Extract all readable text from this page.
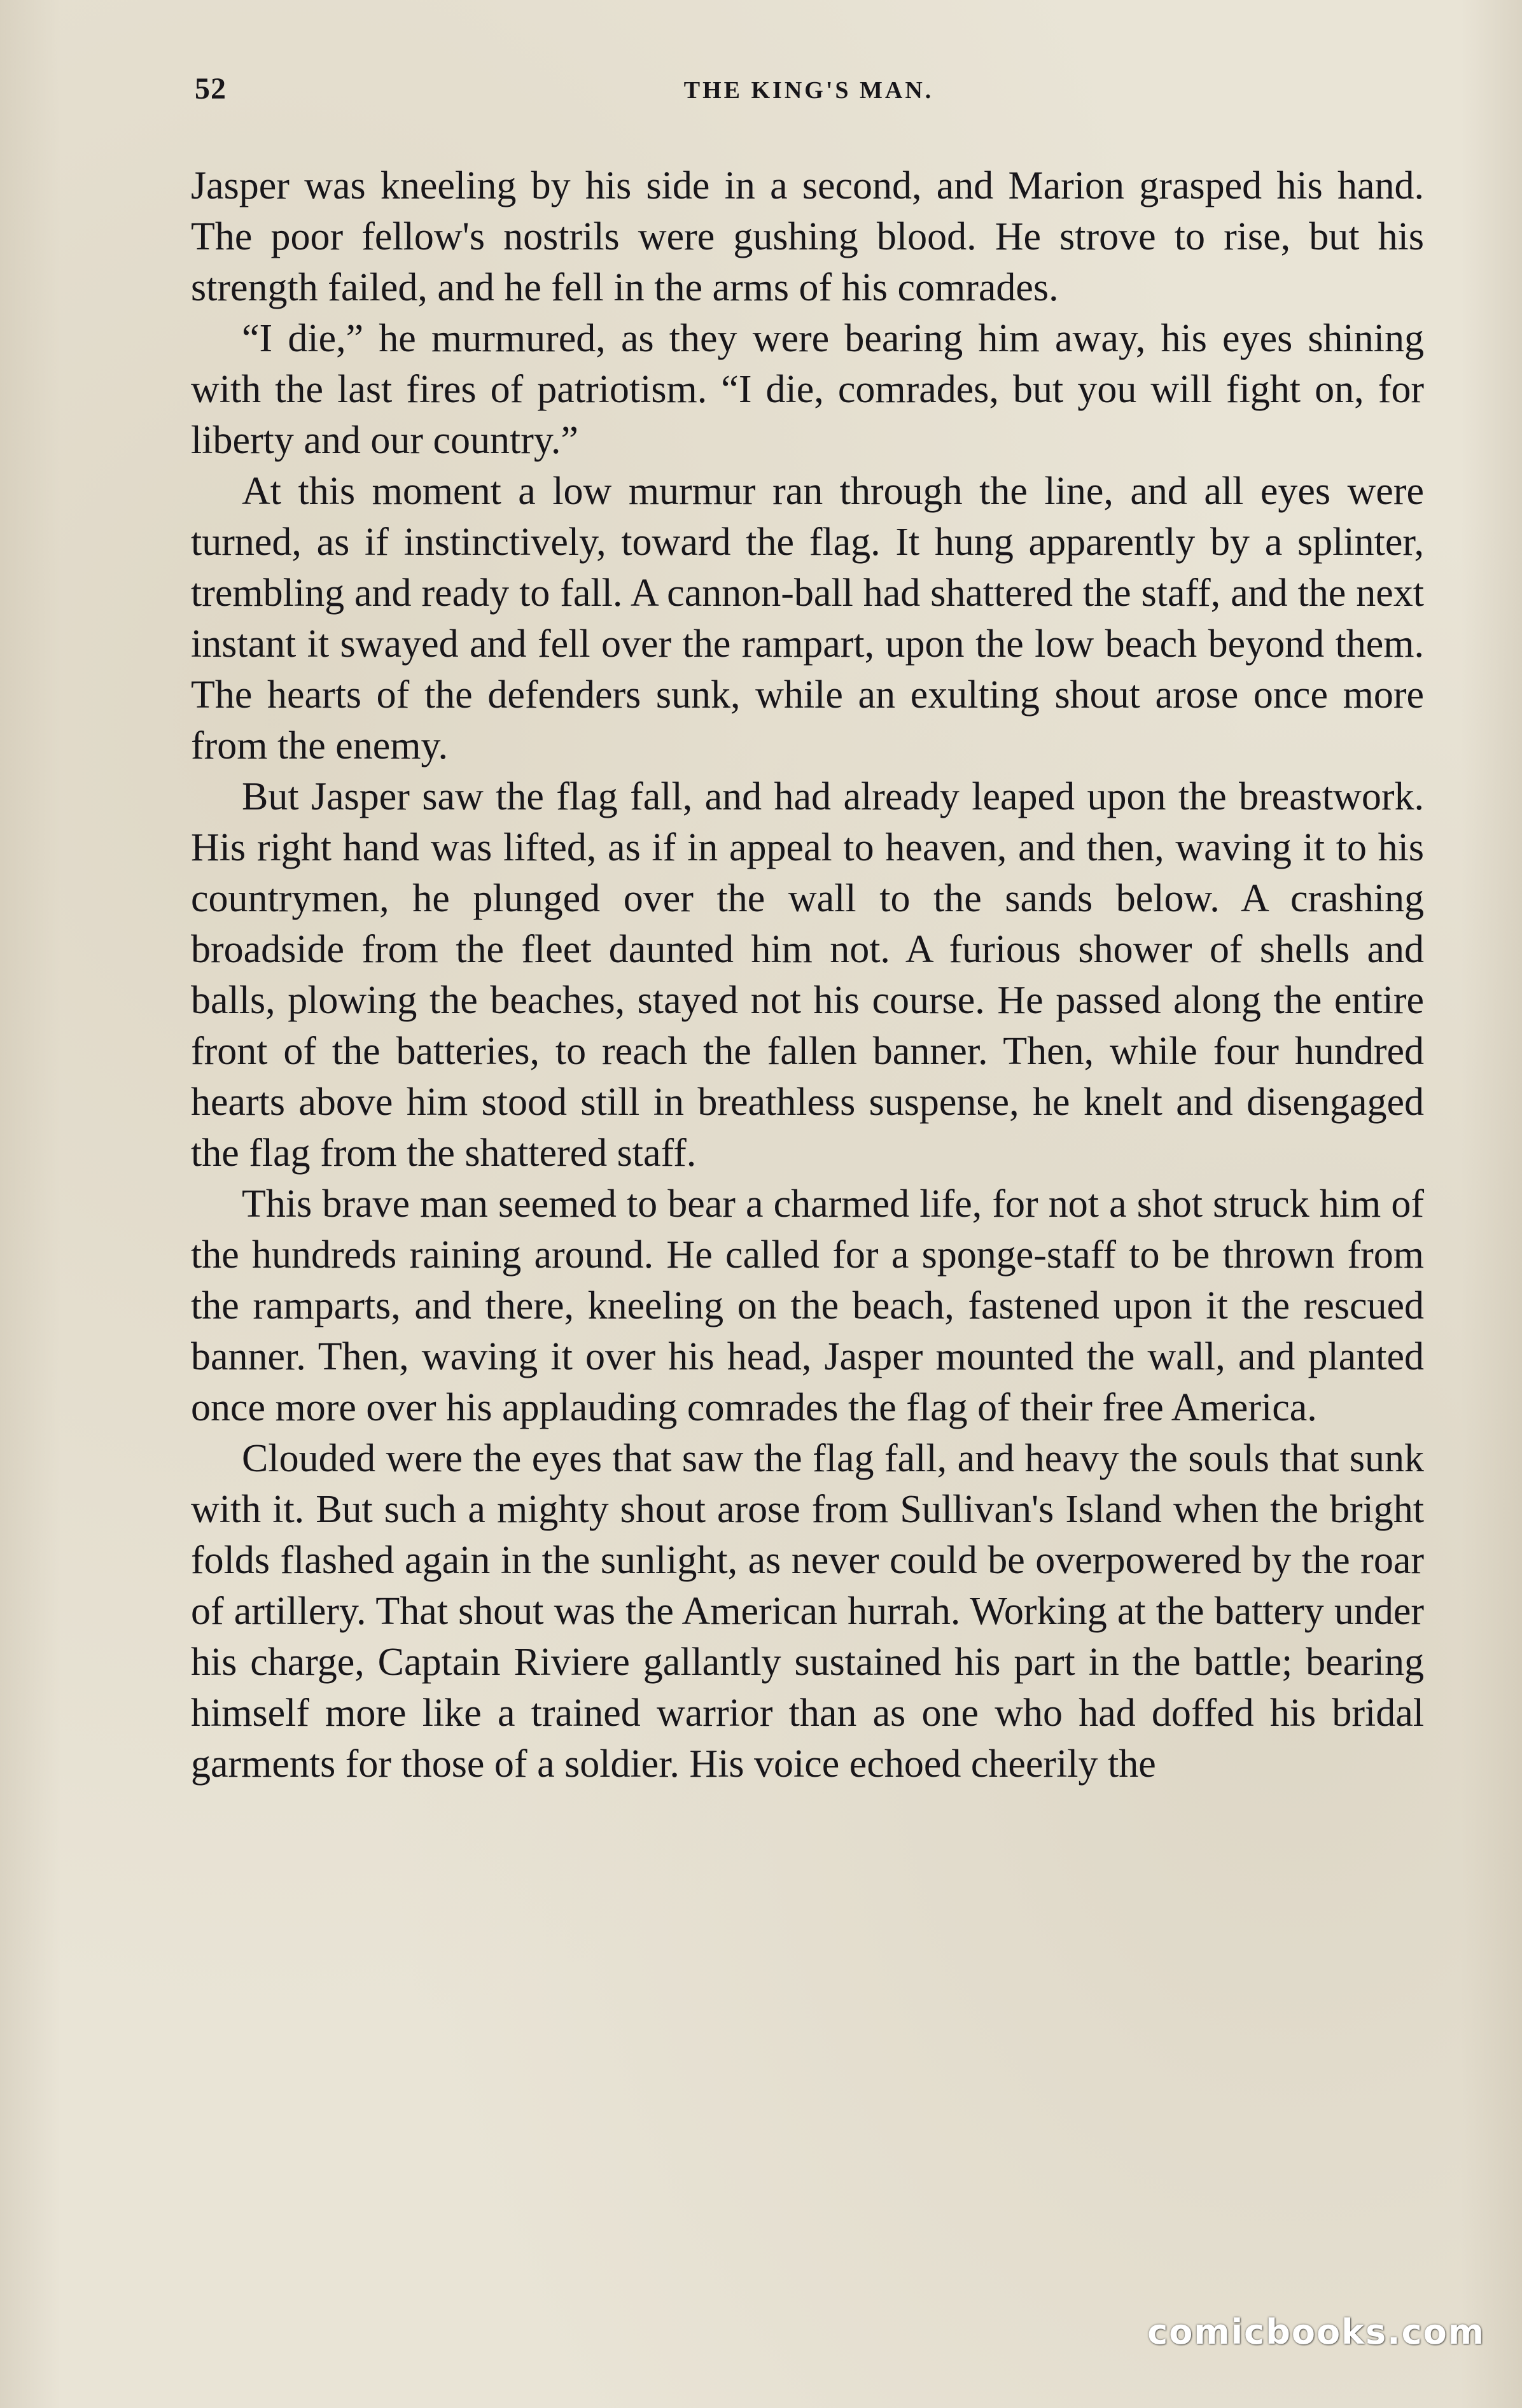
52	THE KING'S MAN.

Jasper was kneeling by his side in a second, and Marion grasped his hand. The poor fellow's nostrils were gushing blood. He strove to rise, but his strength failed, and he fell in the arms of his comrades.

“I die,” he murmured, as they were bearing him away, his eyes shining with the last fires of patriotism. “I die, comrades, but you will fight on, for liberty and our country.”

At this moment a low murmur ran through the line, and all eyes were turned, as if instinctively, toward the flag. It hung apparently by a splinter, trembling and ready to fall. A cannon-ball had shattered the staff, and the next instant it swayed and fell over the rampart, upon the low beach beyond them. The hearts of the defenders sunk, while an exulting shout arose once more from the enemy.

But Jasper saw the flag fall, and had already leaped upon the breastwork. His right hand was lifted, as if in appeal to heaven, and then, waving it to his countrymen, he plunged over the wall to the sands below. A crashing broadside from the fleet daunted him not. A furious shower of shells and balls, plowing the beaches, stayed not his course. He passed along the entire front of the batteries, to reach the fallen banner. Then, while four hundred hearts above him stood still in breathless suspense, he knelt and disengaged the flag from the shattered staff.

This brave man seemed to bear a charmed life, for not a shot struck him of the hundreds raining around. He called for a sponge-staff to be thrown from the ramparts, and there, kneeling on the beach, fastened upon it the rescued banner. Then, waving it over his head, Jasper mounted the wall, and planted once more over his applauding comrades the flag of their free America.

Clouded were the eyes that saw the flag fall, and heavy the souls that sunk with it. But such a mighty shout arose from Sullivan's Island when the bright folds flashed again in the sunlight, as never could be overpowered by the roar of artillery. That shout was the American hurrah. Working at the battery under his charge, Captain Riviere gallantly sustained his part in the battle; bearing himself more like a trained warrior than as one who had doffed his bridal garments for those of a soldier. His voice echoed cheerily the

comicbooks.com
